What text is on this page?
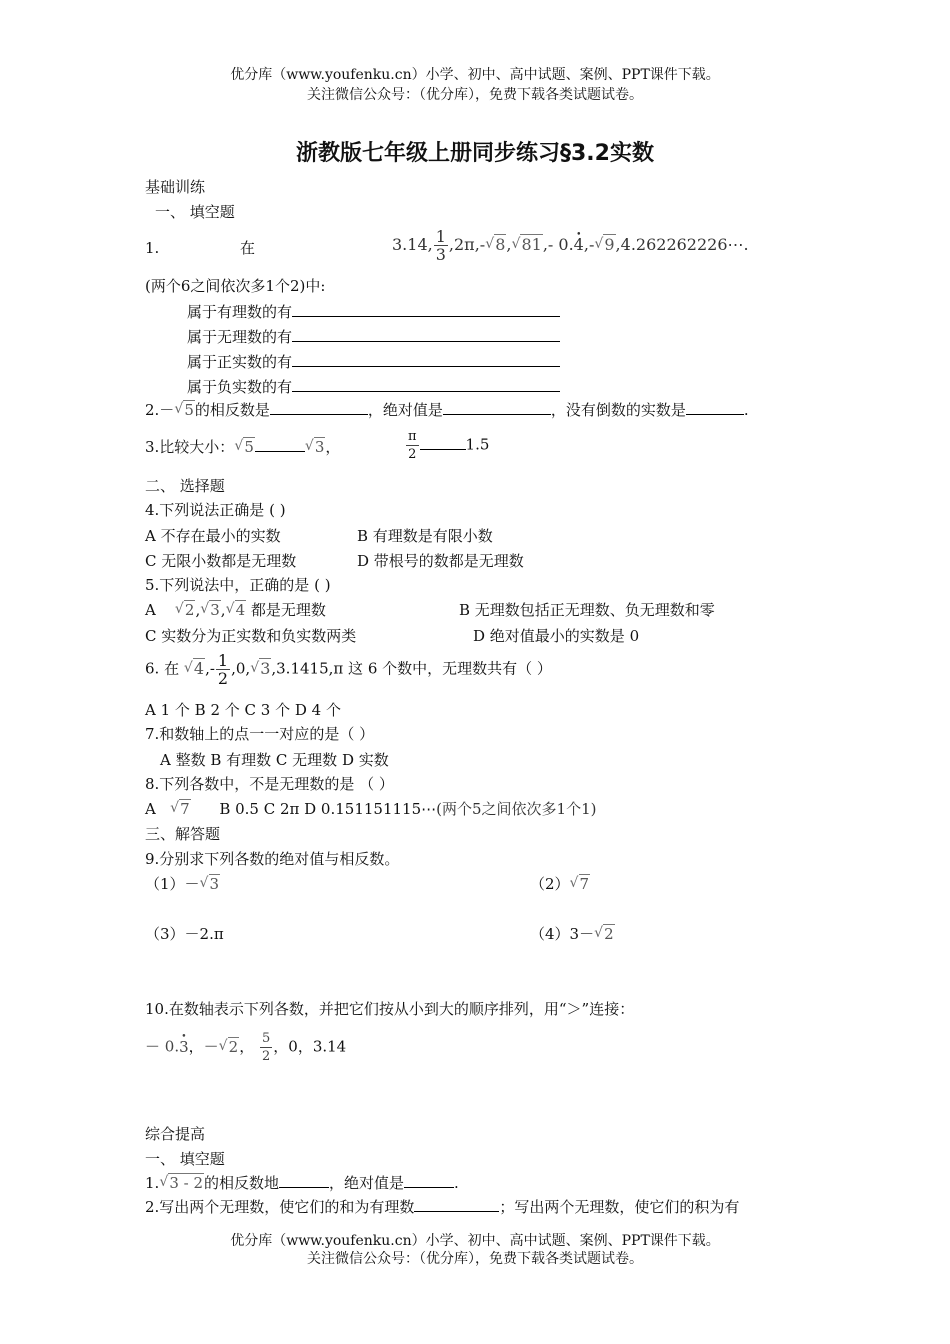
优分库（www.youfenku.cn）小学、初中、高中试题、案例、PPT课件下载。
关注微信公众号：（优分库），免费下载各类试题试卷。
浙教版七年级上册同步练习§3.2实数
基础训练
一、 填空题
1.	在	3.14, $\frac{1}{3} ,2\pi,-√$ 8,√ 81,- 0.4 •,-√ 9,4.262262226⋯.
(两个6之间依次多1个2)中:
属于有理数的有
属于无理数的有
属于正实数的有
属于负实数的有
2.－√ 5的相反数是	，绝对值是	，没有倒数的实数是	.
3.比较大小：√ 5√	3，	$\frac{\pi}{2}$	1.5
二、 选择题
4.下列说法正确是 ( )
A 不存在最小的实数	B 有理数是有限小数
C 无限小数都是无理数	D 带根号的数都是无理数
5.下列说法中，正确的是 ( )
A    √ 2,√ 3,√ 4 都是无理数	B 无理数包括正无理数、负无理数和零
C 实数分为正实数和负实数两类	D 绝对值最小的实数是 0
6. 在 √ $4,- \frac{1}{2} ,0,√$ 3,3.1415,π 这 6 个数中，无理数共有（ ）
A 1 个 B 2 个 C 3 个 D 4 个
7.和数轴上的点一一对应的是（ ）
A 整数 B 有理数 C 无理数 D 实数
8.下列各数中，不是无理数的是 （ ）
A   √ 7 B 0.5 C 2π D 0.151151115⋯(两个5之间依次多1个1)
三、解答题
9.分别求下列各数的绝对值与相反数。
（1）－√ 3	（2）√ 7
（3）－2.π	（4）3－√ 2
10.在数轴表示下列各数，并把它们按从小到大的顺序排列，用“＞”连接：
－ 0.3 •，－√ 2， $\frac{5}{2}$ ，0，3.14
综合提高
一、 填空题
1.√ 3 - 2的相反数地	，绝对值是	.
2.写出两个无理数，使它们的和为有理数	；写出两个无理数，使它们的积为有
优分库（www.youfenku.cn）小学、初中、高中试题、案例、PPT课件下载。
关注微信公众号：（优分库），免费下载各类试题试卷。
